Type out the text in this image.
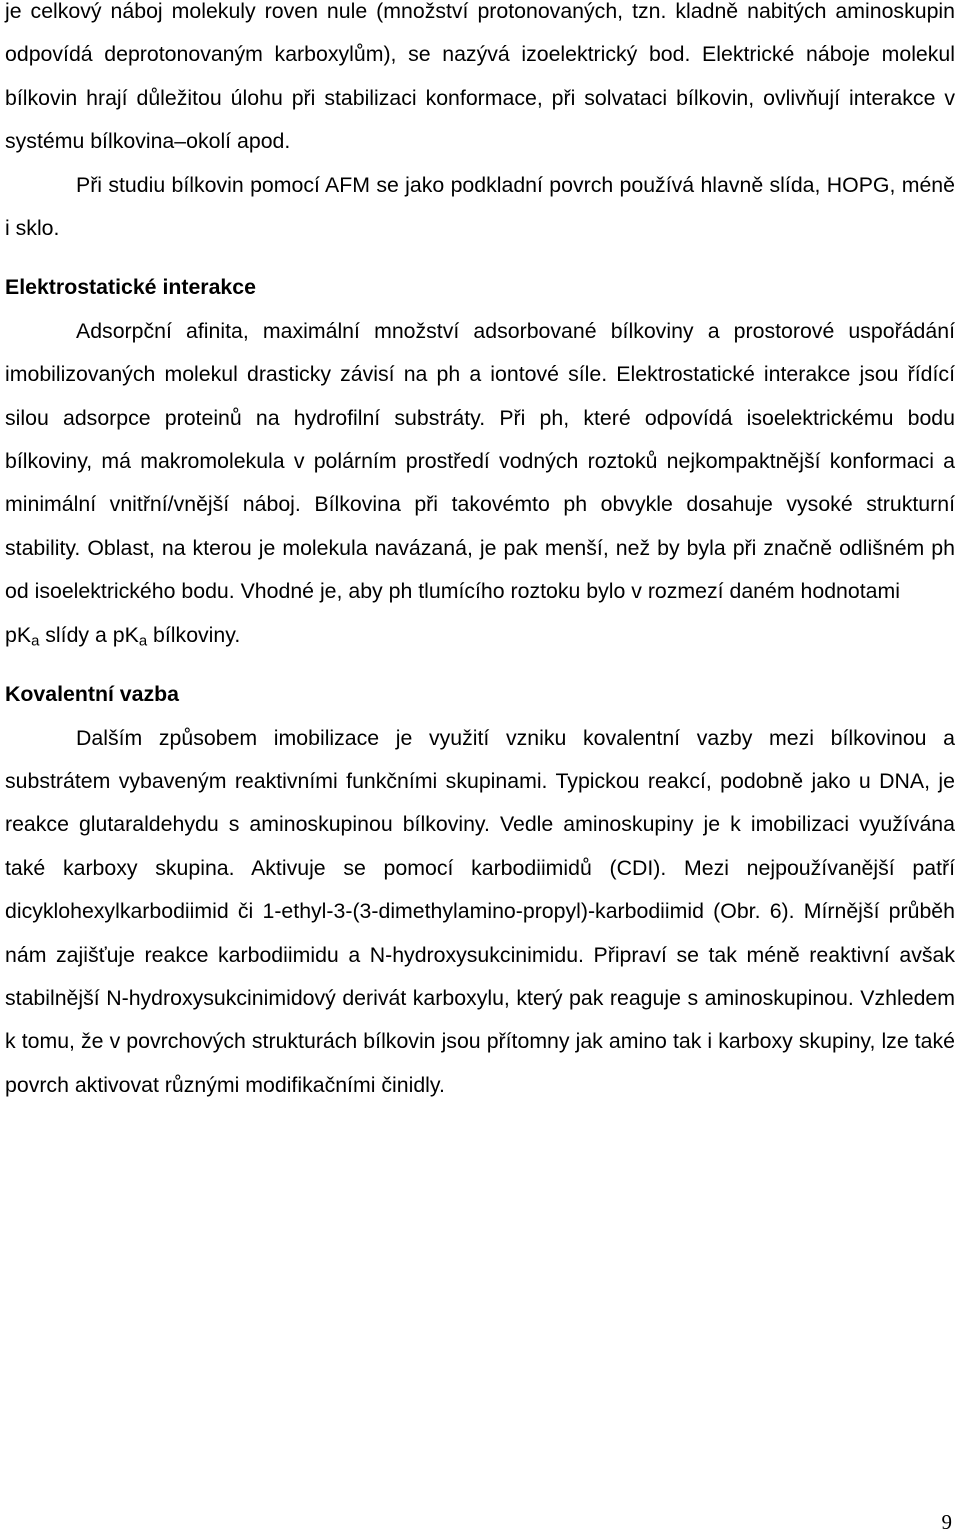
je celkový náboj molekuly roven nule (množství protonovaných, tzn. kladně nabitých aminoskupin odpovídá deprotonovaným karboxylům), se nazývá izoelektrický bod. Elektrické náboje molekul bílkovin hrají důležitou úlohu při stabilizaci konformace, při solvataci bílkovin, ovlivňují interakce v systému bílkovina–okolí apod.

Při studiu bílkovin pomocí AFM se jako podkladní povrch používá hlavně slída, HOPG, méně i sklo.

Elektrostatické interakce

Adsorpční afinita, maximální množství adsorbované bílkoviny a prostorové uspořádání imobilizovaných molekul drasticky závisí na ph a iontové síle. Elektrostatické interakce jsou řídící silou adsorpce proteinů na hydrofilní substráty. Při ph, které odpovídá isoelektrickému bodu bílkoviny, má makromolekula v polárním prostředí vodných roztoků nejkompaktnější konformaci a minimální vnitřní/vnější náboj. Bílkovina při takovémto ph obvykle dosahuje vysoké strukturní stability. Oblast, na kterou je molekula navázaná, je pak menší, než by byla při značně odlišném ph od isoelektrického bodu. Vhodné je, aby ph tlumícího roztoku bylo v rozmezí daném hodnotami
$pK_a$ slídy a $pK_a$ bílkoviny.

Kovalentní vazba

Dalším způsobem imobilizace je využití vzniku kovalentní vazby mezi bílkovinou a substrátem vybaveným reaktivními funkčními skupinami. Typickou reakcí, podobně jako u DNA, je reakce glutaraldehydu s aminoskupinou bílkoviny. Vedle aminoskupiny je k imobilizaci využívána také karboxy skupina. Aktivuje se pomocí karbodiimidů (CDI). Mezi nejpoužívanější patří dicyklohexylkarbodiimid či 1-ethyl-3-(3-dimethylamino-propyl)-karbodiimid (Obr. 6). Mírnější průběh nám zajišťuje reakce karbodiimidu a N-hydroxysukcinimidu. Připraví se tak méně reaktivní avšak stabilnější N-hydroxysukcinimidový derivát karboxylu, který pak reaguje s aminoskupinou. Vzhledem k tomu, že v povrchových strukturách bílkovin jsou přítomny jak amino tak i karboxy skupiny, lze také povrch aktivovat různými modifikačními činidly.

9
